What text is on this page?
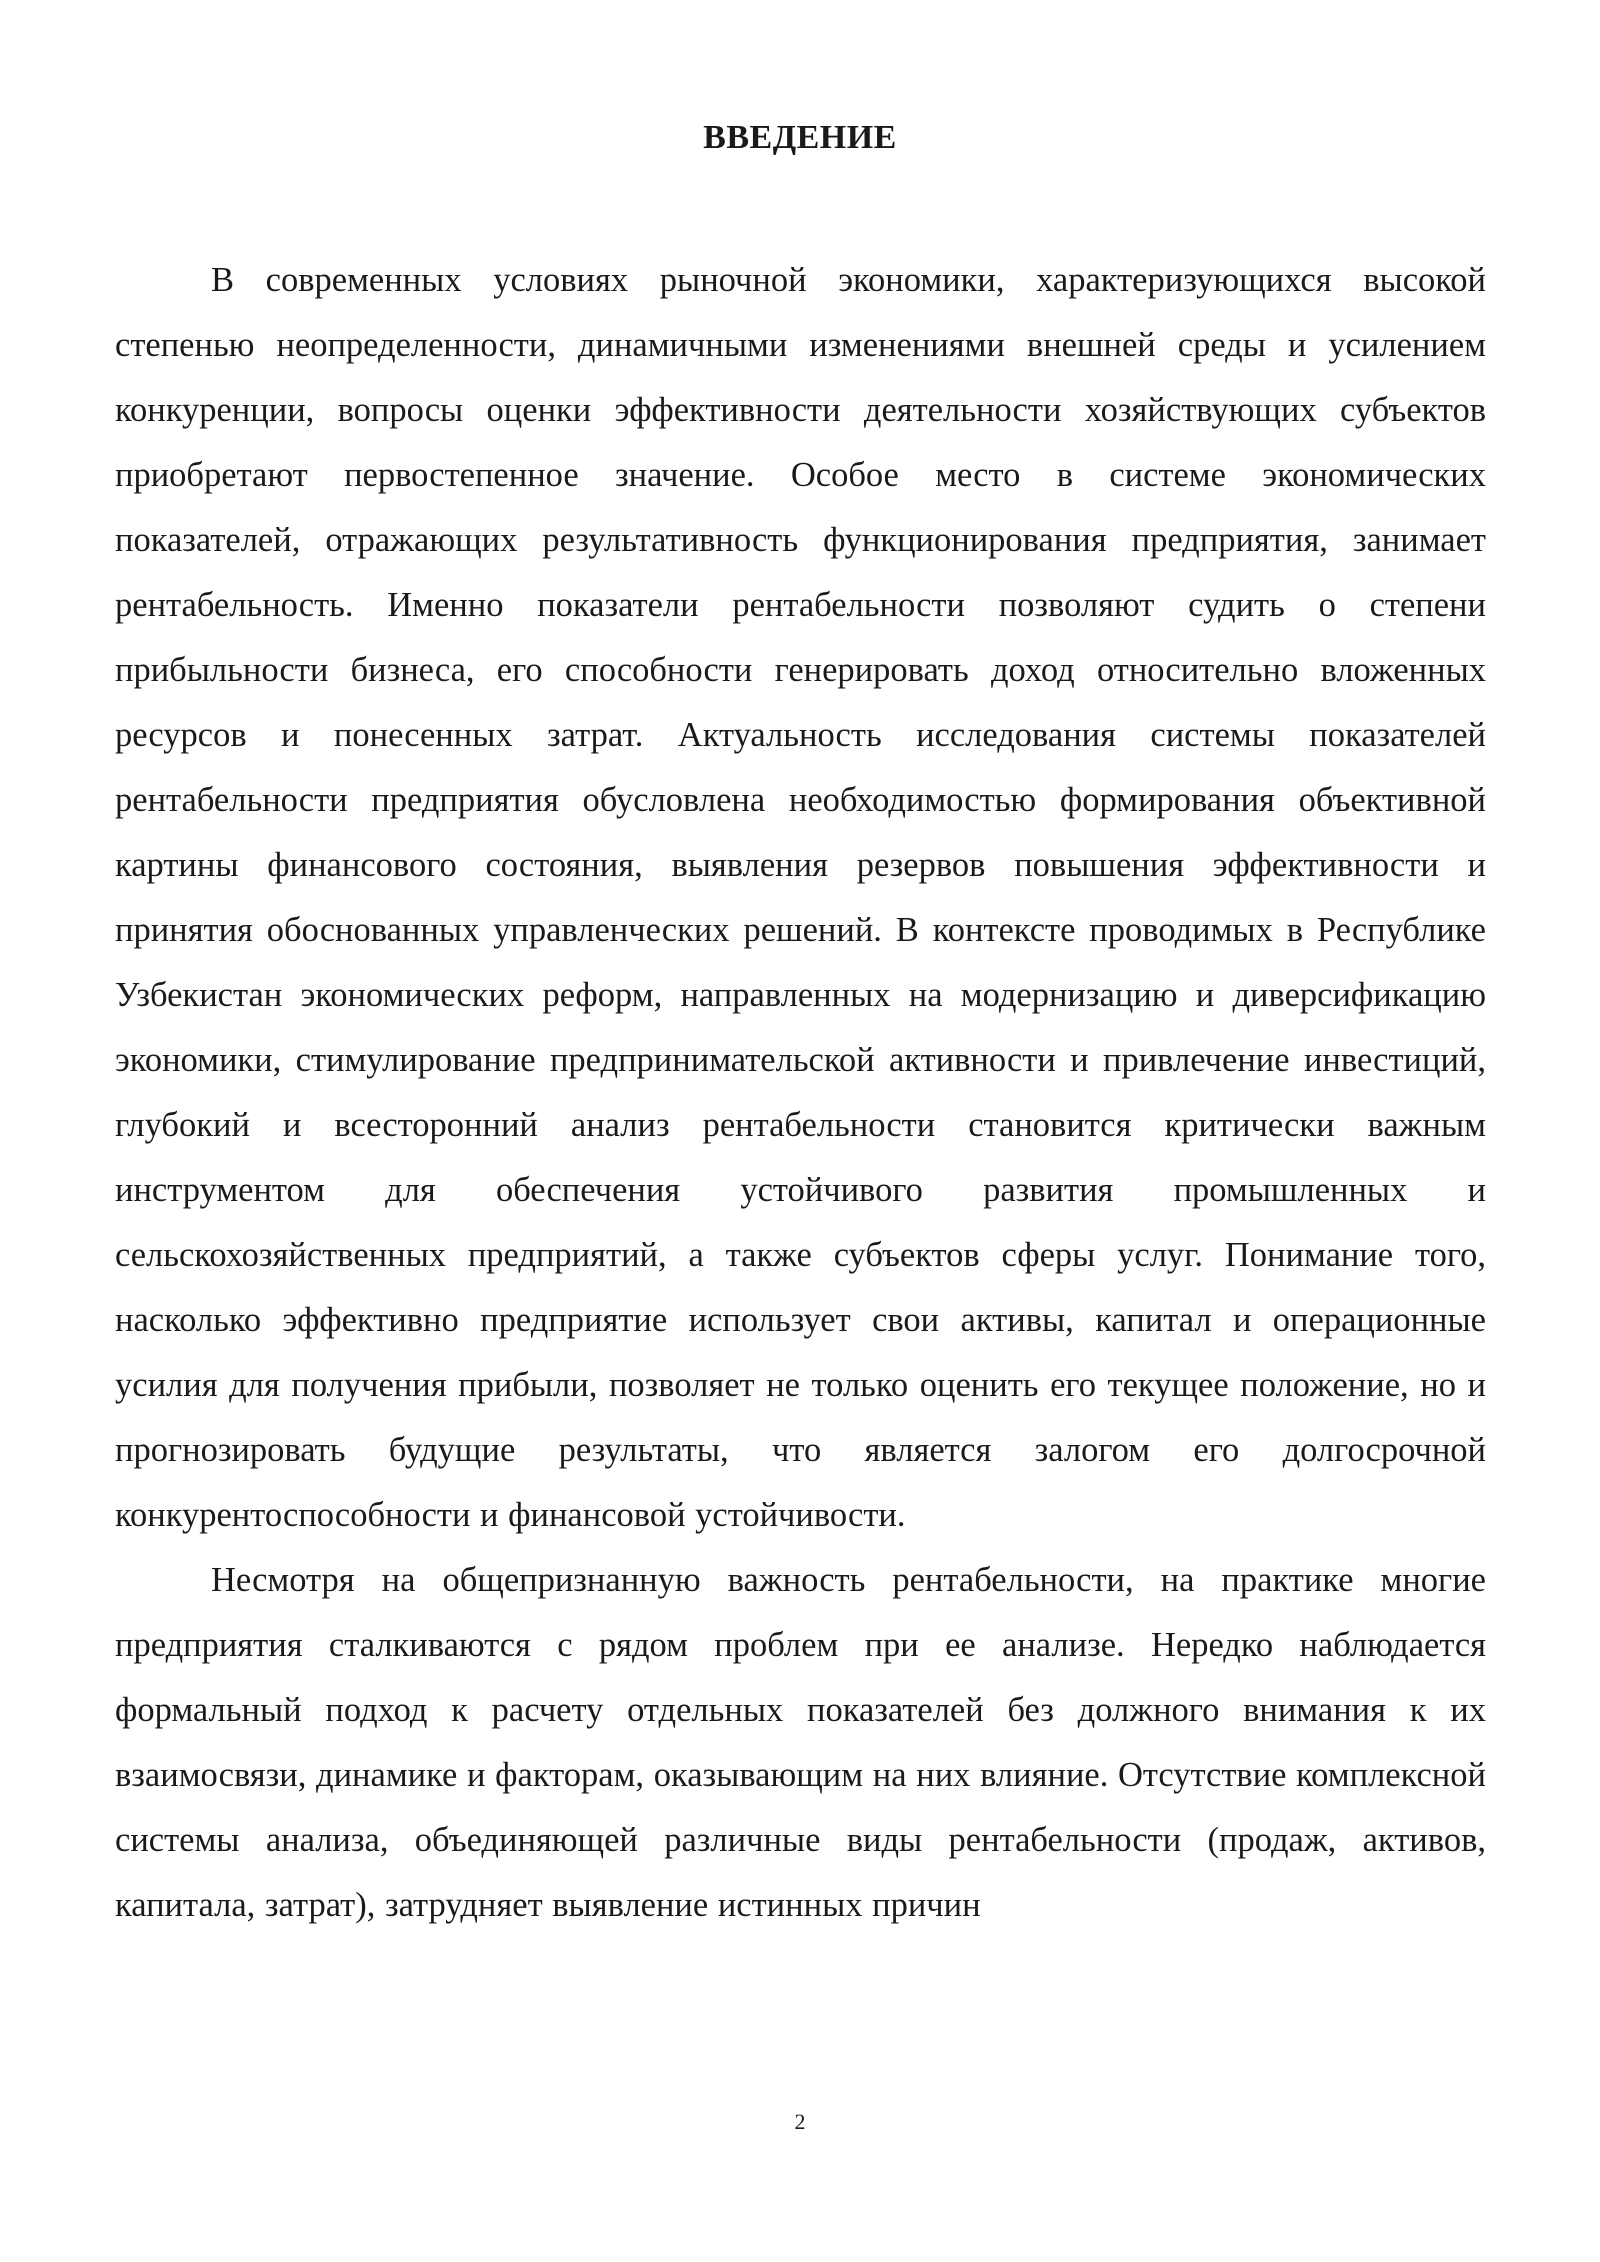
ВВЕДЕНИЕ

В современных условиях рыночной экономики, характеризующихся высокой степенью неопределенности, динамичными изменениями внешней среды и усилением конкуренции, вопросы оценки эффективности деятельности хозяйствующих субъектов приобретают первостепенное значение. Особое место в системе экономических показателей, отражающих результативность функционирования предприятия, занимает рентабельность. Именно показатели рентабельности позволяют судить о степени прибыльности бизнеса, его способности генерировать доход относительно вложенных ресурсов и понесенных затрат. Актуальность исследования системы показателей рентабельности предприятия обусловлена необходимостью формирования объективной картины финансового состояния, выявления резервов повышения эффективности и принятия обоснованных управленческих решений. В контексте проводимых в Республике Узбекистан экономических реформ, направленных на модернизацию и диверсификацию экономики, стимулирование предпринимательской активности и привлечение инвестиций, глубокий и всесторонний анализ рентабельности становится критически важным инструментом для обеспечения устойчивого развития промышленных и сельскохозяйственных предприятий, а также субъектов сферы услуг. Понимание того, насколько эффективно предприятие использует свои активы, капитал и операционные усилия для получения прибыли, позволяет не только оценить его текущее положение, но и прогнозировать будущие результаты, что является залогом его долгосрочной конкурентоспособности и финансовой устойчивости.

Несмотря на общепризнанную важность рентабельности, на практике многие предприятия сталкиваются с рядом проблем при ее анализе. Нередко наблюдается формальный подход к расчету отдельных показателей без должного внимания к их взаимосвязи, динамике и факторам, оказывающим на них влияние. Отсутствие комплексной системы анализа, объединяющей различные виды рентабельности (продаж, активов, капитала, затрат), затрудняет выявление истинных причин

2
